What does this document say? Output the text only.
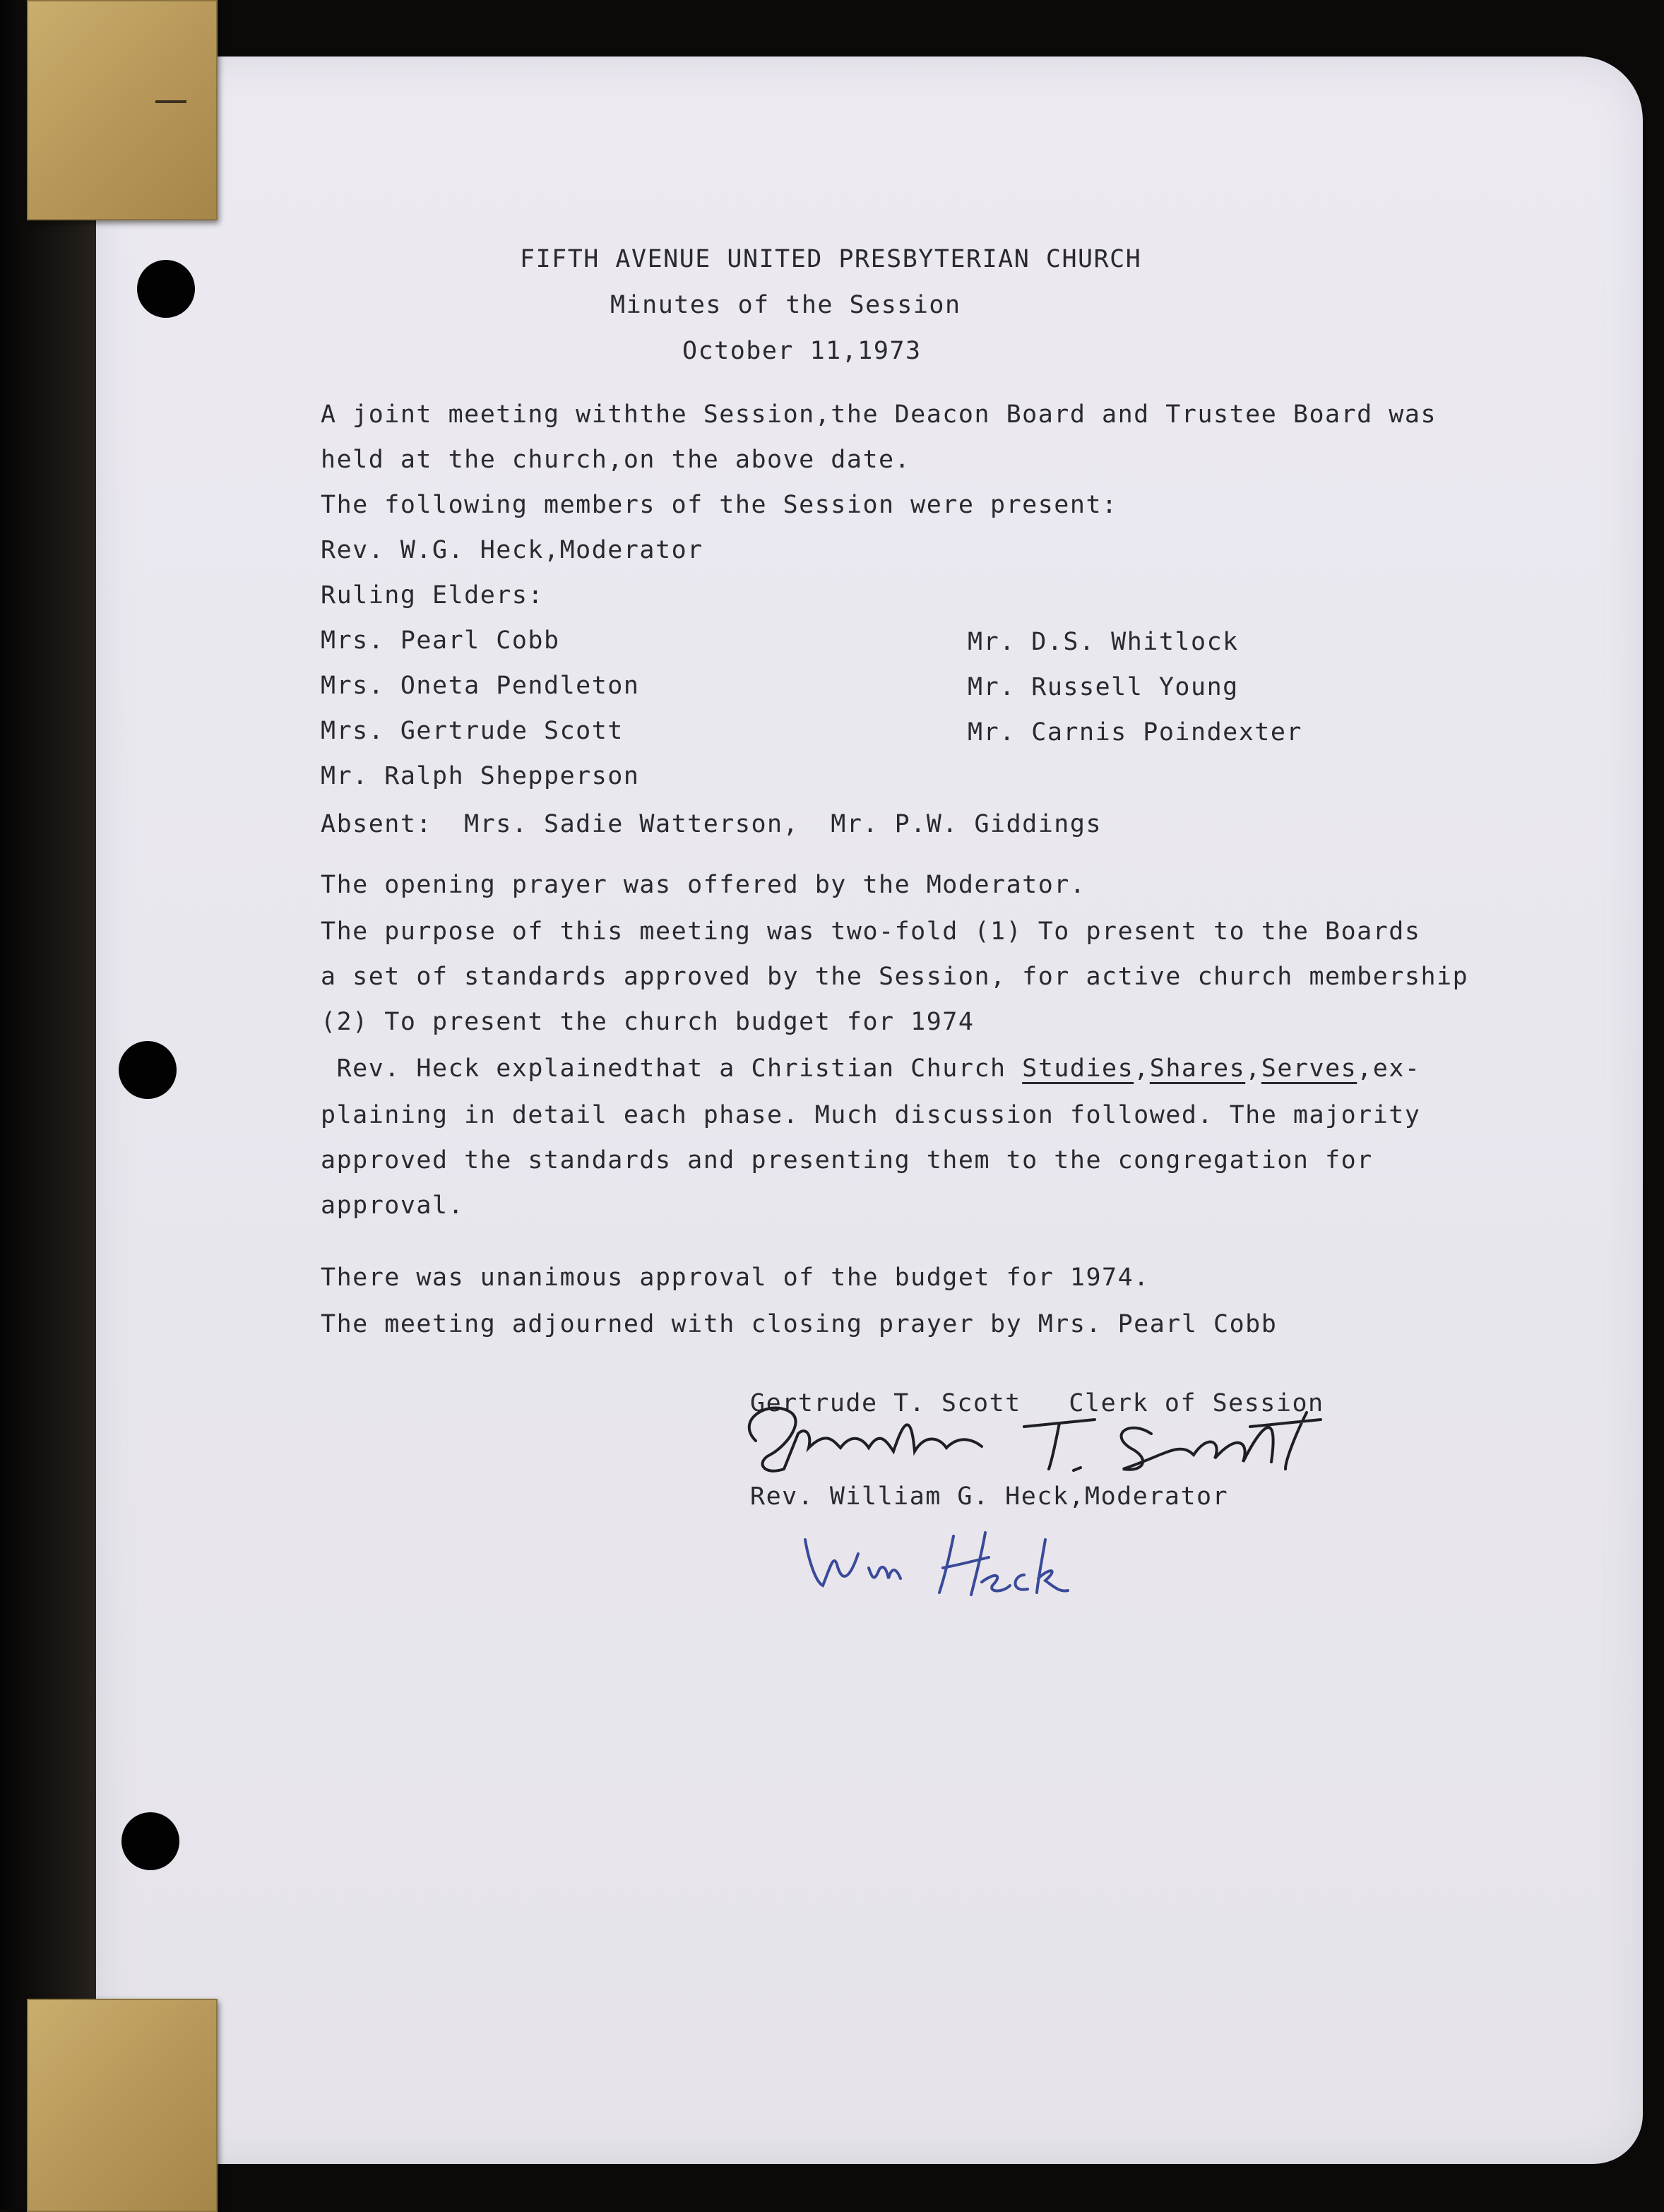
FIFTH AVENUE UNITED PRESBYTERIAN CHURCH
Minutes of the Session
October 11,1973
A joint meeting withthe Session,the Deacon Board and Trustee Board was
held at the church,on the above date.
The following members of the Session were present:
Rev. W.G. Heck,Moderator
Ruling Elders:
Mrs. Pearl Cobb
Mrs. Oneta Pendleton
Mrs. Gertrude Scott
Mr. Ralph Shepperson
Mr. D.S. Whitlock
Mr. Russell Young
Mr. Carnis Poindexter
Absent:  Mrs. Sadie Watterson,  Mr. P.W. Giddings
The opening prayer was offered by the Moderator.
The purpose of this meeting was two-fold (1) To present to the Boards
a set of standards approved by the Session, for active church membership
(2) To present the church budget for 1974
Rev. Heck explainedthat a Christian Church Studies,Shares,Serves,ex-
plaining in detail each phase. Much discussion followed. The majority
approved the standards and presenting them to the congregation for
approval.
There was unanimous approval of the budget for 1974.
The meeting adjourned with closing prayer by Mrs. Pearl Cobb
Gertrude T. Scott   Clerk of Session
Rev. William G. Heck,Moderator
